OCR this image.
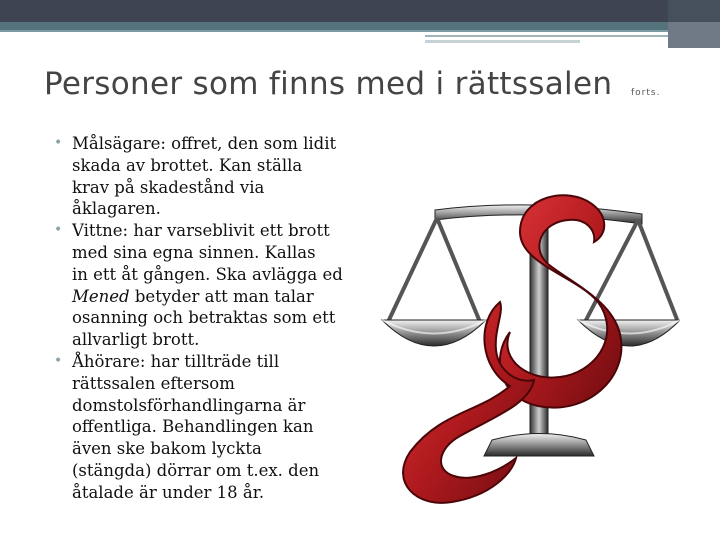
Personer som finns med i rättssalen forts.
• Målsägare: offret, den som lidit
skada av brottet. Kan ställa
krav på skadestånd via
åklagaren.
• Vittne: har varseblivit ett brott
med sina egna sinnen. Kallas
in ett åt gången. Ska avlägga ed
Mened betyder att man talar
osanning och betraktas som ett
allvarligt brott.
• Åhörare: har tillträde till
rättssalen eftersom
domstolsförhandlingarna är
offentliga. Behandlingen kan
även ske bakom lyckta
(stängda) dörrar om t.ex. den
åtalade är under 18 år.
